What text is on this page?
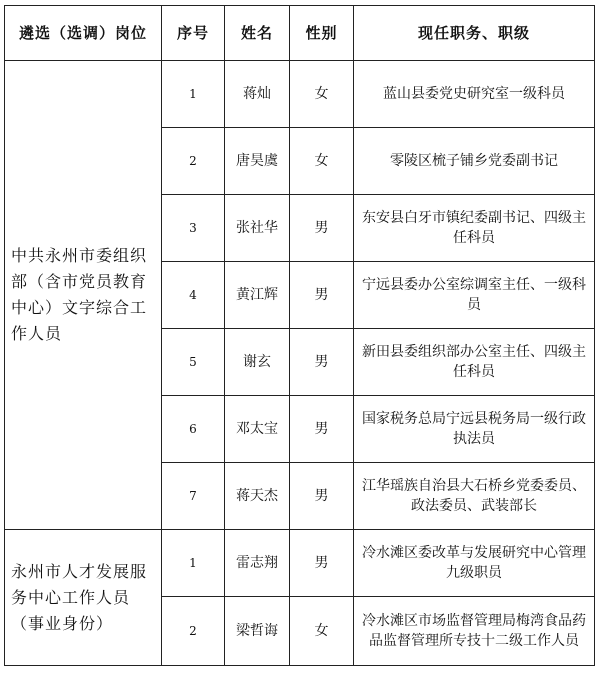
遴选（选调）岗位	序号	姓名	性别	现任职务、职级
中共永州市委组织部（含市党员教育中心）文字综合工作人员	1	蒋灿	女	蓝山县委党史研究室一级科员
	2	唐昊虞	女	零陵区梳子铺乡党委副书记
	3	张社华	男	东安县白牙市镇纪委副书记、四级主任科员
	4	黄江辉	男	宁远县委办公室综调室主任、一级科员
	5	谢玄	男	新田县委组织部办公室主任、四级主任科员
	6	邓太宝	男	国家税务总局宁远县税务局一级行政执法员
	7	蒋天杰	男	江华瑶族自治县大石桥乡党委委员、政法委员、武装部长
永州市人才发展服务中心工作人员（事业身份）	1	雷志翔	男	冷水滩区委改革与发展研究中心管理九级职员
	2	梁哲诲	女	冷水滩区市场监督管理局梅湾食品药品监督管理所专技十二级工作人员
